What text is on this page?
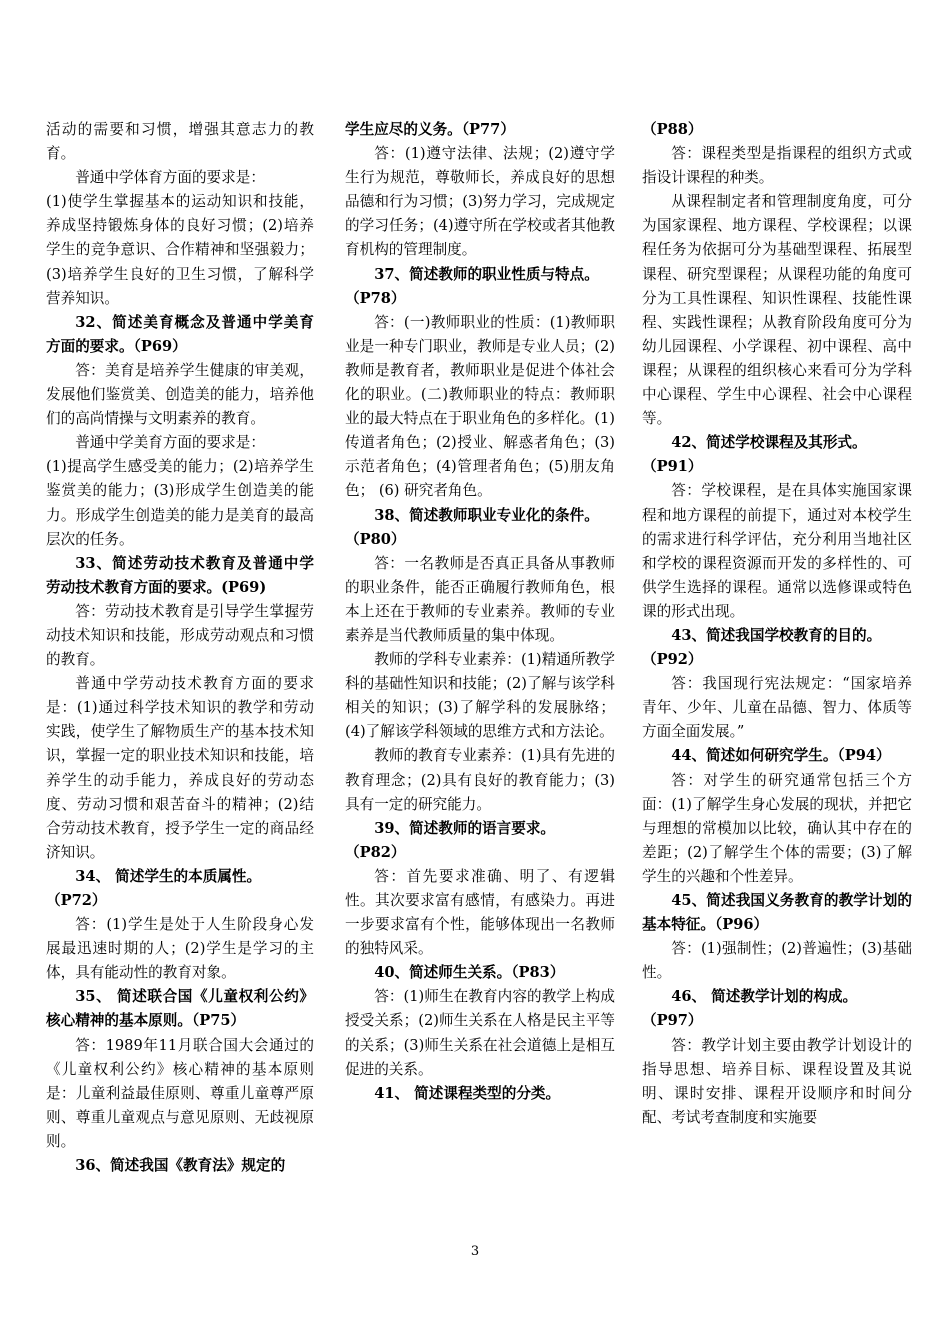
活动的需要和习惯，增强其意志力的教育。

普通中学体育方面的要求是：

(1)使学生掌握基本的运动知识和技能，养成坚持锻炼身体的良好习惯；(2)培养学生的竞争意识、合作精神和坚强毅力；(3)培养学生良好的卫生习惯，了解科学营养知识。

32、简述美育概念及普通中学美育方面的要求。（P69）

答：美育是培养学生健康的审美观，发展他们鉴赏美、创造美的能力，培养他们的高尚情操与文明素养的教育。

普通中学美育方面的要求是：

(1)提高学生感受美的能力；(2)培养学生鉴赏美的能力；(3)形成学生创造美的能力。形成学生创造美的能力是美育的最高层次的任务。

33、简述劳动技术教育及普通中学劳动技术教育方面的要求。(P69)

答：劳动技术教育是引导学生掌握劳动技术知识和技能，形成劳动观点和习惯的教育。

普通中学劳动技术教育方面的要求是：(1)通过科学技术知识的教学和劳动实践，使学生了解物质生产的基本技术知识，掌握一定的职业技术知识和技能，培养学生的动手能力，养成良好的劳动态度、劳动习惯和艰苦奋斗的精神；(2)结合劳动技术教育，授予学生一定的商品经济知识。

34、 简述学生的本质属性。

（P72）

答：(1)学生是处于人生阶段身心发展最迅速时期的人；(2)学生是学习的主体，具有能动性的教育对象。

35、 简述联合国《儿童权利公约》核心精神的基本原则。（P75）

答：1989年11月联合国大会通过的《儿童权利公约》核心精神的基本原则是：儿童利益最佳原则、尊重儿童尊严原则、尊重儿童观点与意见原则、无歧视原则。

36、简述我国《教育法》规定的

学生应尽的义务。（P77）

答：(1)遵守法律、法规；(2)遵守学生行为规范，尊敬师长，养成良好的思想品德和行为习惯；(3)努力学习，完成规定的学习任务；(4)遵守所在学校或者其他教育机构的管理制度。

37、简述教师的职业性质与特点。

（P78）

答：(一)教师职业的性质：(1)教师职业是一种专门职业，教师是专业人员；(2)教师是教育者，教师职业是促进个体社会化的职业。(二)教师职业的特点：教师职业的最大特点在于职业角色的多样化。(1)传道者角色；(2)授业、解惑者角色；(3)示范者角色；(4)管理者角色；(5)朋友角色； (6) 研究者角色。

38、简述教师职业专业化的条件。

（P80）

答：一名教师是否真正具备从事教师的职业条件，能否正确履行教师角色，根本上还在于教师的专业素养。教师的专业素养是当代教师质量的集中体现。

教师的学科专业素养：(1)精通所教学科的基础性知识和技能；(2)了解与该学科相关的知识；(3)了解学科的发展脉络；(4)了解该学科领域的思维方式和方法论。

教师的教育专业素养：(1)具有先进的教育理念；(2)具有良好的教育能力；(3)具有一定的研究能力。

39、简述教师的语言要求。

（P82）

答：首先要求准确、明了、有逻辑性。其次要求富有感情，有感染力。再进一步要求富有个性，能够体现出一名教师的独特风采。

40、简述师生关系。（P83）

答：(1)师生在教育内容的教学上构成授受关系；(2)师生关系在人格是民主平等的关系；(3)师生关系在社会道德上是相互促进的关系。

41、 简述课程类型的分类。

（P88）

答：课程类型是指课程的组织方式或指设计课程的种类。

从课程制定者和管理制度角度，可分为国家课程、地方课程、学校课程；以课程任务为依据可分为基础型课程、拓展型课程、研究型课程；从课程功能的角度可分为工具性课程、知识性课程、技能性课程、实践性课程；从教育阶段角度可分为幼儿园课程、小学课程、初中课程、高中课程；从课程的组织核心来看可分为学科中心课程、学生中心课程、社会中心课程等。

42、简述学校课程及其形式。

（P91）

答：学校课程，是在具体实施国家课程和地方课程的前提下，通过对本校学生的需求进行科学评估，充分利用当地社区和学校的课程资源而开发的多样性的、可供学生选择的课程。通常以选修课或特色课的形式出现。

43、简述我国学校教育的目的。

（P92）

答：我国现行宪法规定：“国家培养青年、少年、儿童在品德、智力、体质等方面全面发展。”

44、简述如何研究学生。（P94）

答：对学生的研究通常包括三个方面：(1)了解学生身心发展的现状，并把它与理想的常模加以比较，确认其中存在的差距；(2)了解学生个体的需要；(3)了解学生的兴趣和个性差异。

45、简述我国义务教育的教学计划的基本特征。（P96）

答：(1)强制性；(2)普遍性；(3)基础性。

46、 简述教学计划的构成。

（P97）

答：教学计划主要由教学计划设计的指导思想、培养目标、课程设置及其说明、课时安排、课程开设顺序和时间分配、考试考查制度和实施要

3
